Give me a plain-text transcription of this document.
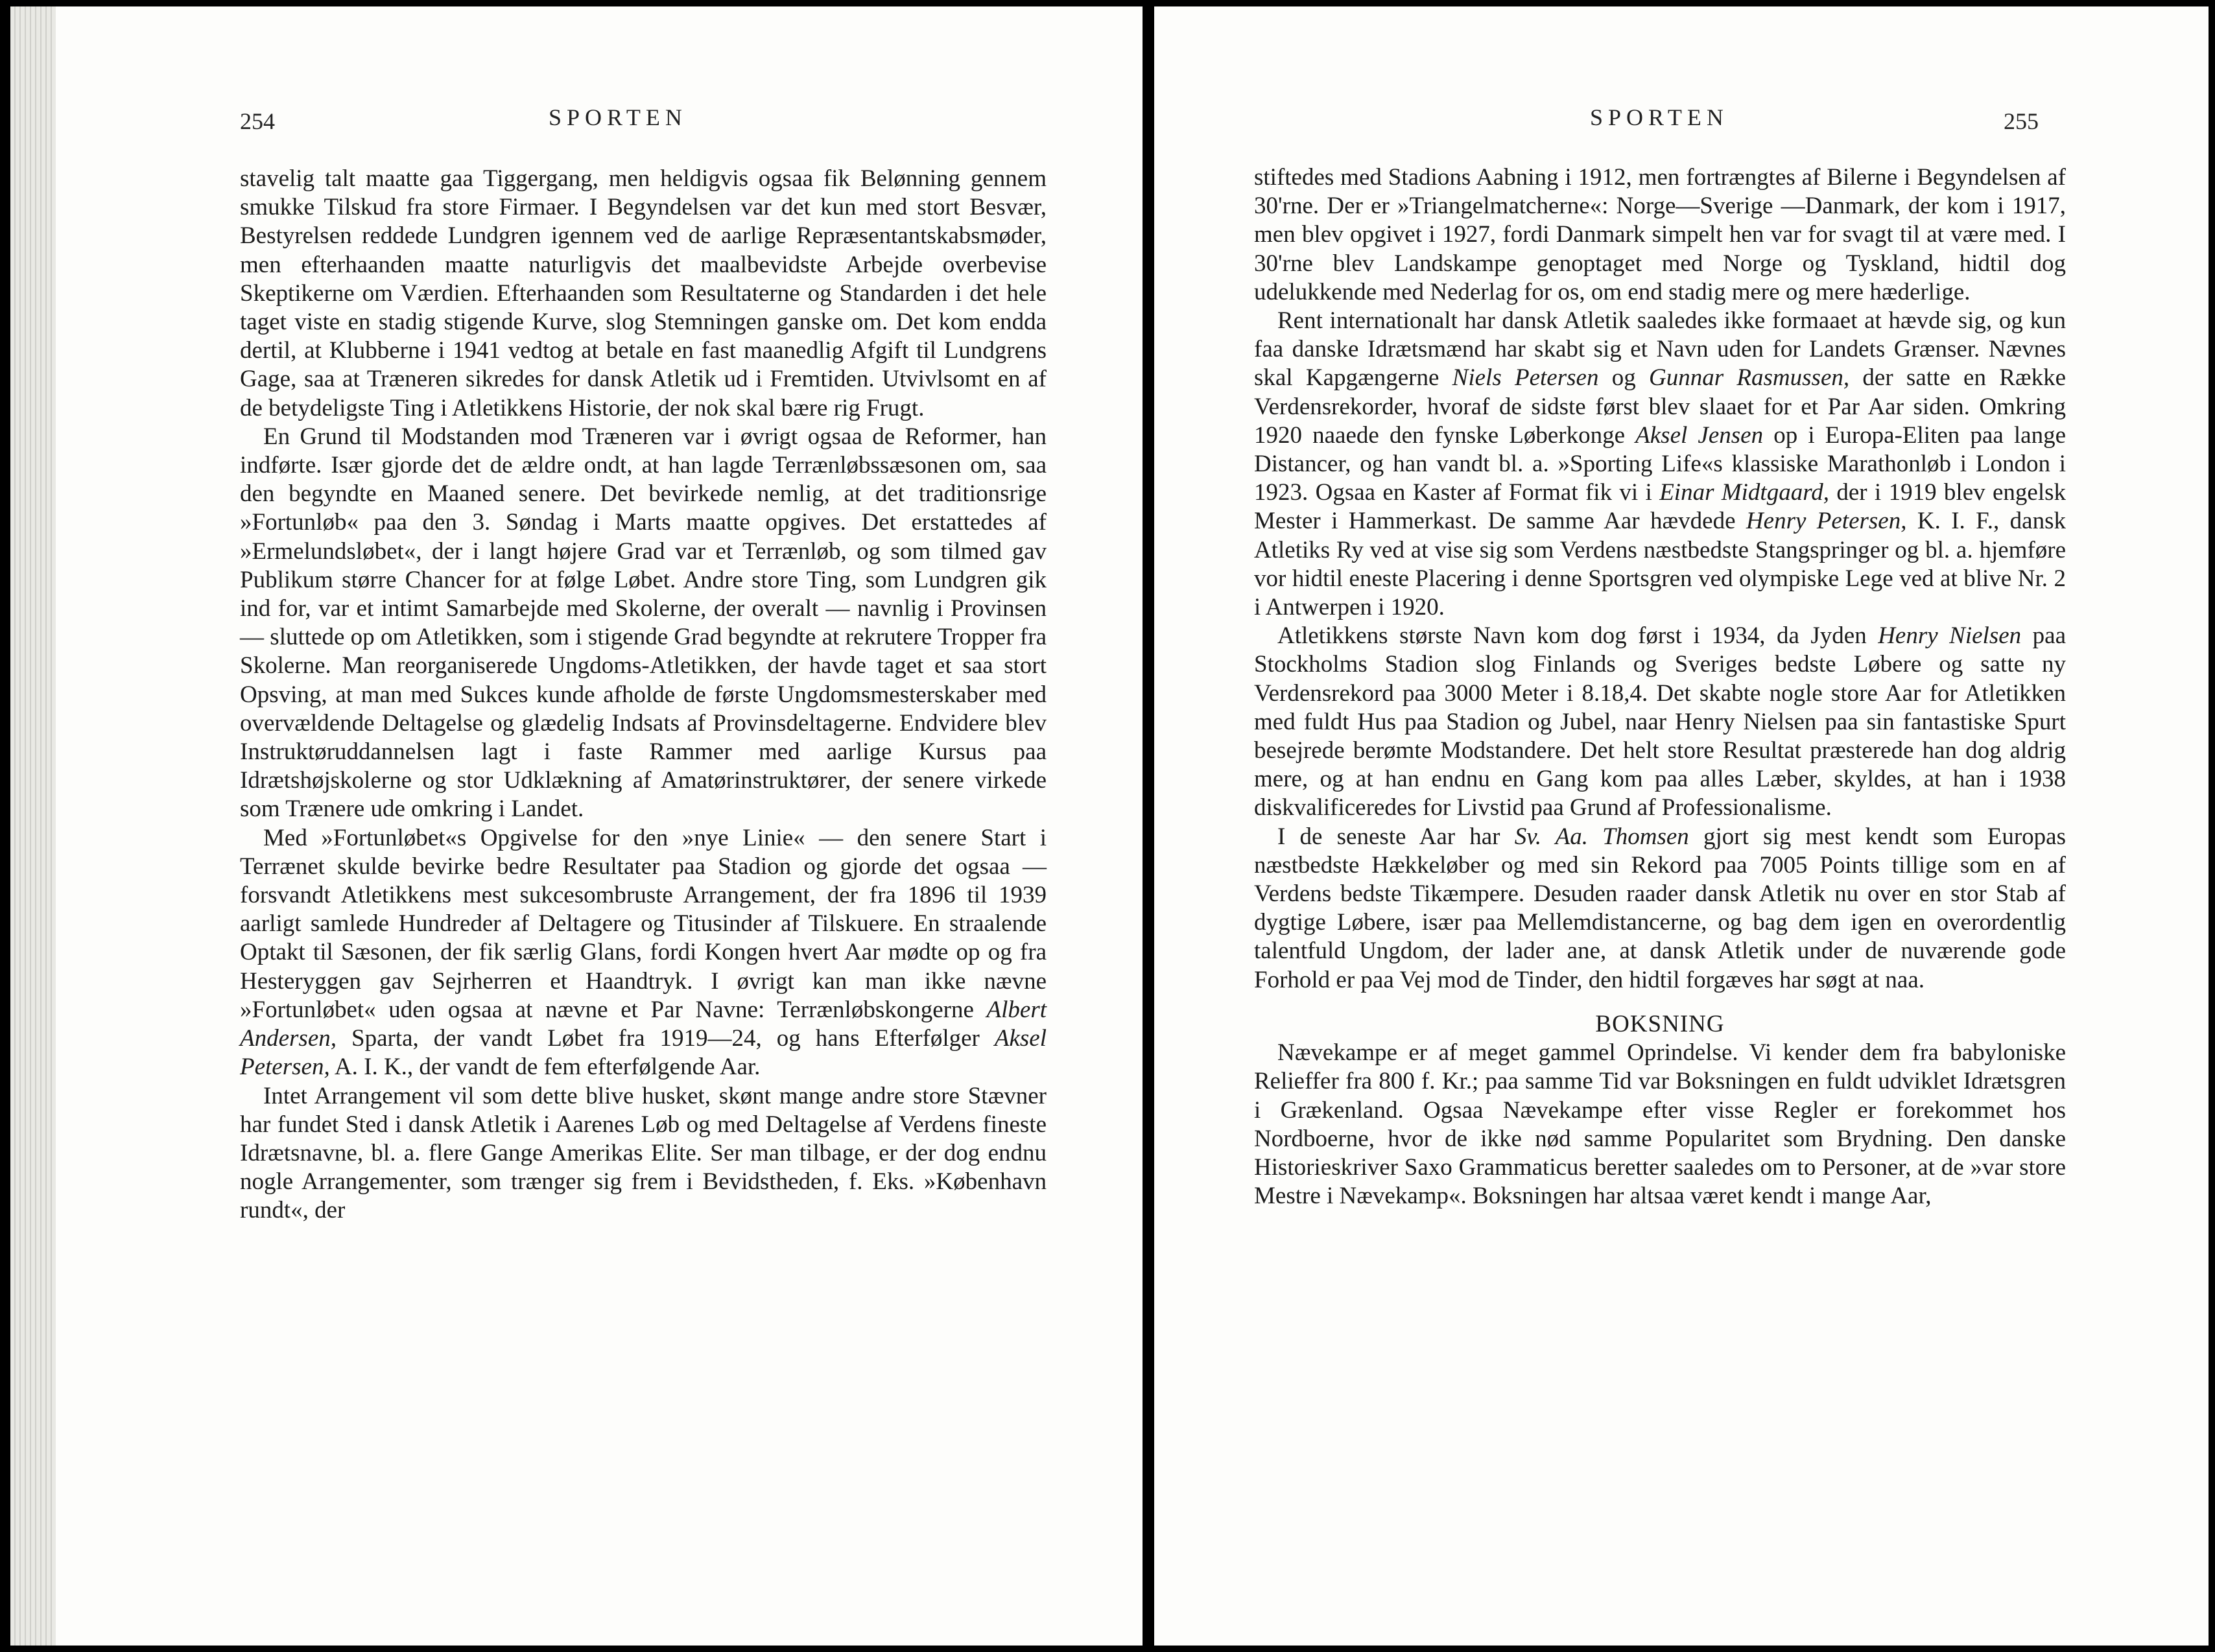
254	SPORTEN

stavelig talt maatte gaa Tiggergang, men heldigvis ogsaa fik Belønning gennem smukke Tilskud fra store Firmaer. I Begyndelsen var det kun med stort Besvær, Bestyrelsen reddede Lundgren igennem ved de aarlige Repræsentantskabsmøder, men efterhaanden maatte naturligvis det maalbevidste Arbejde overbevise Skeptikerne om Værdien. Efterhaanden som Resultaterne og Standarden i det hele taget viste en stadig stigende Kurve, slog Stemningen ganske om. Det kom endda dertil, at Klubberne i 1941 vedtog at betale en fast maanedlig Afgift til Lundgrens Gage, saa at Træneren sikredes for dansk Atletik ud i Fremtiden. Utvivlsomt en af de betydeligste Ting i Atletikkens Historie, der nok skal bære rig Frugt.

En Grund til Modstanden mod Træneren var i øvrigt ogsaa de Reformer, han indførte. Især gjorde det de ældre ondt, at han lagde Terrænløbssæsonen om, saa den begyndte en Maaned senere. Det bevirkede nemlig, at det traditionsrige »Fortunløb« paa den 3. Søndag i Marts maatte opgives. Det erstattedes af »Ermelundsløbet«, der i langt højere Grad var et Terrænløb, og som tilmed gav Publikum større Chancer for at følge Løbet. Andre store Ting, som Lundgren gik ind for, var et intimt Samarbejde med Skolerne, der overalt — navnlig i Provinsen — sluttede op om Atletikken, som i stigende Grad begyndte at rekrutere Tropper fra Skolerne. Man reorganiserede Ungdoms-Atletikken, der havde taget et saa stort Opsving, at man med Sukces kunde afholde de første Ungdomsmesterskaber med overvældende Deltagelse og glædelig Indsats af Provinsdeltagerne. Endvidere blev Instruktøruddannelsen lagt i faste Rammer med aarlige Kursus paa Idrætshøjskolerne og stor Udklækning af Amatørinstruktører, der senere virkede som Trænere ude omkring i Landet.

Med »Fortunløbet«s Opgivelse for den »nye Linie« — den senere Start i Terrænet skulde bevirke bedre Resultater paa Stadion og gjorde det ogsaa — forsvandt Atletikkens mest sukcesombruste Arrangement, der fra 1896 til 1939 aarligt samlede Hundreder af Deltagere og Titusinder af Tilskuere. En straalende Optakt til Sæsonen, der fik særlig Glans, fordi Kongen hvert Aar mødte op og fra Hesteryggen gav Sejrherren et Haandtryk. I øvrigt kan man ikke nævne »Fortunløbet« uden ogsaa at nævne et Par Navne: Terrænløbskongerne Albert Andersen, Sparta, der vandt Løbet fra 1919—24, og hans Efterfølger Aksel Petersen, A. I. K., der vandt de fem efterfølgende Aar.

Intet Arrangement vil som dette blive husket, skønt mange andre store Stævner har fundet Sted i dansk Atletik i Aarenes Løb og med Deltagelse af Verdens fineste Idrætsnavne, bl. a. flere Gange Amerikas Elite. Ser man tilbage, er der dog endnu nogle Arrangementer, som trænger sig frem i Bevidstheden, f. Eks. »København rundt«, der

SPORTEN	255

stiftedes med Stadions Aabning i 1912, men fortrængtes af Bilerne i Begyndelsen af 30'rne. Der er »Triangelmatcherne«: Norge—Sverige —Danmark, der kom i 1917, men blev opgivet i 1927, fordi Danmark simpelt hen var for svagt til at være med. I 30'rne blev Landskampe genoptaget med Norge og Tyskland, hidtil dog udelukkende med Nederlag for os, om end stadig mere og mere hæderlige.

Rent internationalt har dansk Atletik saaledes ikke formaaet at hævde sig, og kun faa danske Idrætsmænd har skabt sig et Navn uden for Landets Grænser. Nævnes skal Kapgængerne Niels Petersen og Gunnar Rasmussen, der satte en Række Verdensrekorder, hvoraf de sidste først blev slaaet for et Par Aar siden. Omkring 1920 naaede den fynske Løberkonge Aksel Jensen op i Europa-Eliten paa lange Distancer, og han vandt bl. a. »Sporting Life«s klassiske Marathonløb i London i 1923. Ogsaa en Kaster af Format fik vi i Einar Midtgaard, der i 1919 blev engelsk Mester i Hammerkast. De samme Aar hævdede Henry Petersen, K. I. F., dansk Atletiks Ry ved at vise sig som Verdens næstbedste Stangspringer og bl. a. hjemføre vor hidtil eneste Placering i denne Sportsgren ved olympiske Lege ved at blive Nr. 2 i Antwerpen i 1920.

Atletikkens største Navn kom dog først i 1934, da Jyden Henry Nielsen paa Stockholms Stadion slog Finlands og Sveriges bedste Løbere og satte ny Verdensrekord paa 3000 Meter i 8.18,4. Det skabte nogle store Aar for Atletikken med fuldt Hus paa Stadion og Jubel, naar Henry Nielsen paa sin fantastiske Spurt besejrede berømte Modstandere. Det helt store Resultat præsterede han dog aldrig mere, og at han endnu en Gang kom paa alles Læber, skyldes, at han i 1938 diskvalificeredes for Livstid paa Grund af Professionalisme.

I de seneste Aar har Sv. Aa. Thomsen gjort sig mest kendt som Europas næstbedste Hækkeløber og med sin Rekord paa 7005 Points tillige som en af Verdens bedste Tikæmpere. Desuden raader dansk Atletik nu over en stor Stab af dygtige Løbere, især paa Mellemdistancerne, og bag dem igen en overordentlig talentfuld Ungdom, der lader ane, at dansk Atletik under de nuværende gode Forhold er paa Vej mod de Tinder, den hidtil forgæves har søgt at naa.

BOKSNING

Nævekampe er af meget gammel Oprindelse. Vi kender dem fra babyloniske Relieffer fra 800 f. Kr.; paa samme Tid var Boksningen en fuldt udviklet Idrætsgren i Grækenland. Ogsaa Nævekampe efter visse Regler er forekommet hos Nordboerne, hvor de ikke nød samme Popularitet som Brydning. Den danske Historieskriver Saxo Grammaticus beretter saaledes om to Personer, at de »var store Mestre i Nævekamp«. Boksningen har altsaa været kendt i mange Aar,
